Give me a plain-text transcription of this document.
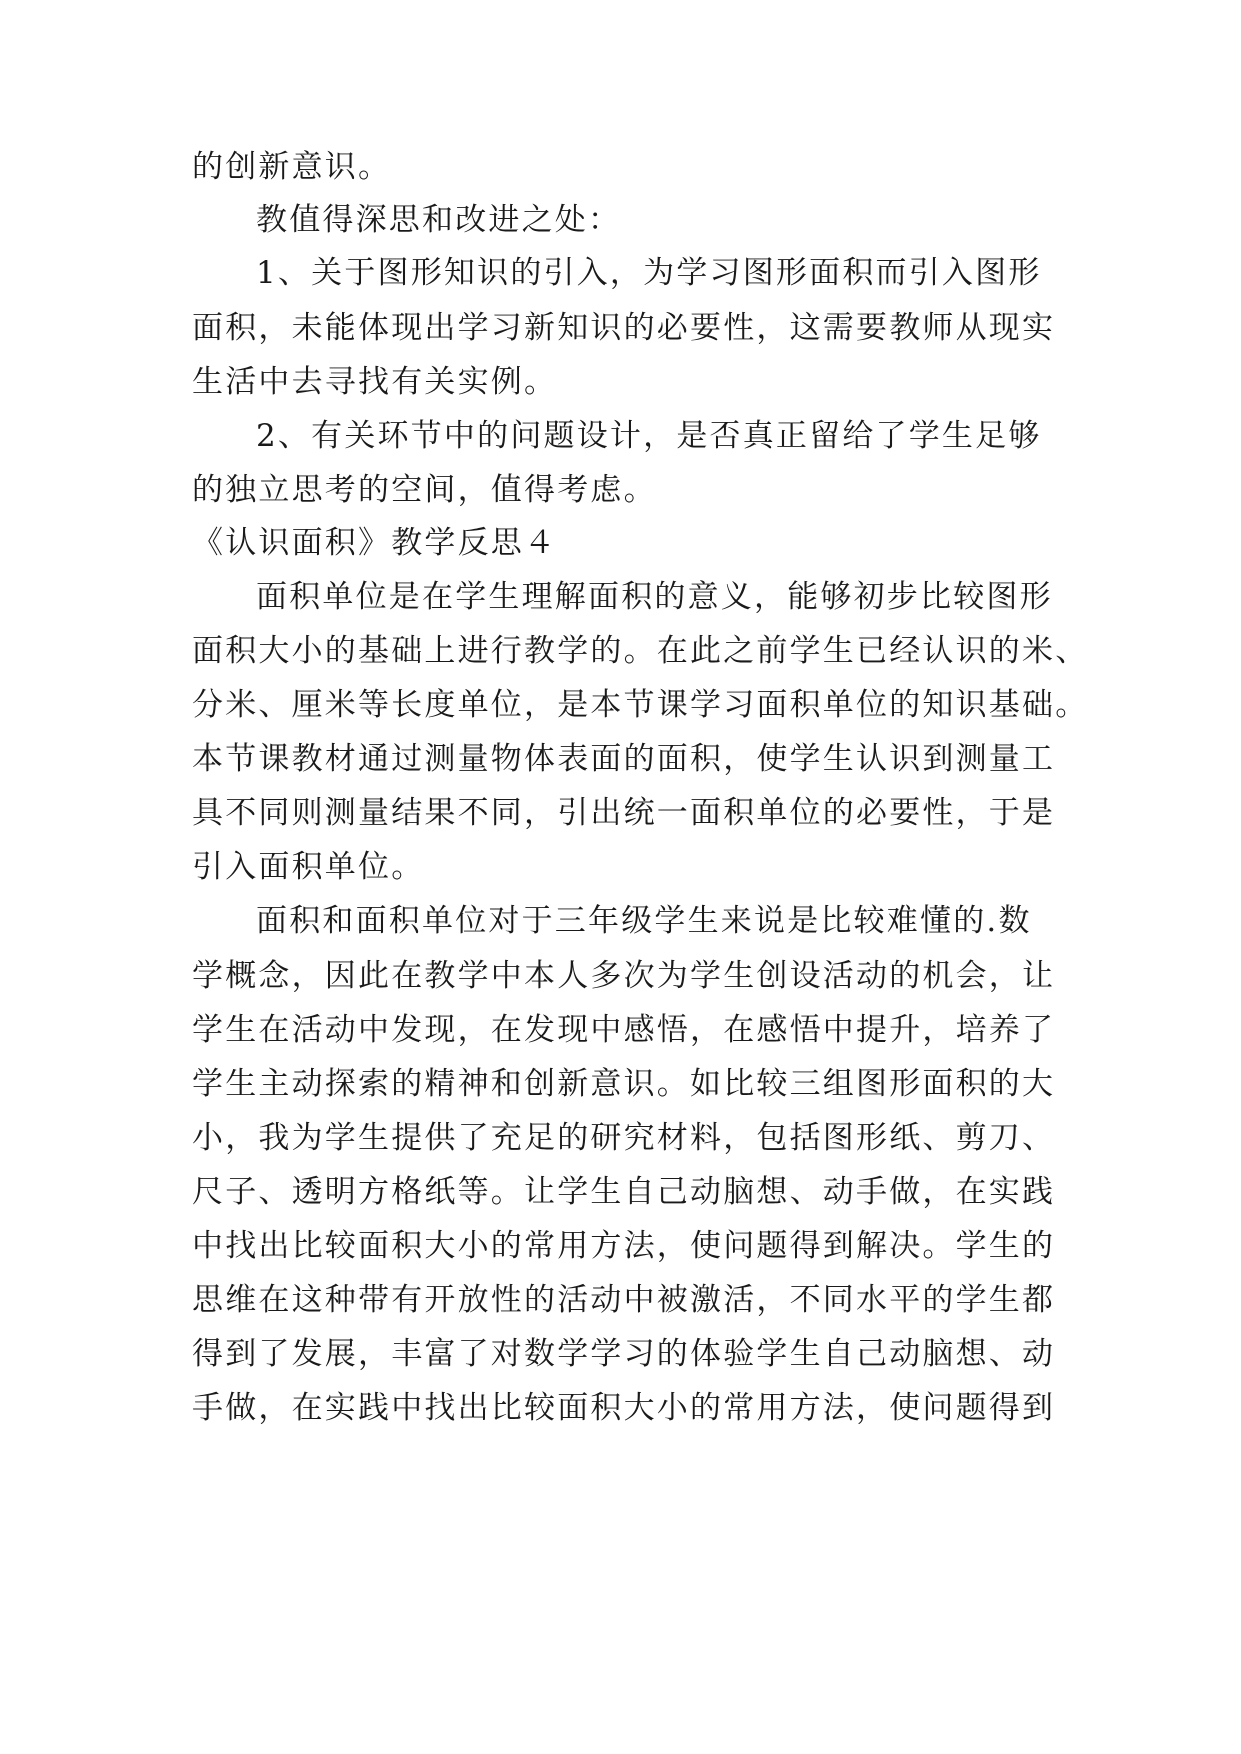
的创新意识。
教值得深思和改进之处：
1、关于图形知识的引入，为学习图形面积而引入图形
面积，未能体现出学习新知识的必要性，这需要教师从现实
生活中去寻找有关实例。
2、有关环节中的问题设计，是否真正留给了学生足够
的独立思考的空间，值得考虑。
《认识面积》教学反思４
面积单位是在学生理解面积的意义，能够初步比较图形
面积大小的基础上进行教学的。在此之前学生已经认识的米、
分米、厘米等长度单位，是本节课学习面积单位的知识基础。
本节课教材通过测量物体表面的面积，使学生认识到测量工
具不同则测量结果不同，引出统一面积单位的必要性，于是
引入面积单位。
面积和面积单位对于三年级学生来说是比较难懂的.数
学概念，因此在教学中本人多次为学生创设活动的机会，让
学生在活动中发现，在发现中感悟，在感悟中提升，培养了
学生主动探索的精神和创新意识。如比较三组图形面积的大
小，我为学生提供了充足的研究材料，包括图形纸、剪刀、
尺子、透明方格纸等。让学生自己动脑想、动手做，在实践
中找出比较面积大小的常用方法，使问题得到解决。学生的
思维在这种带有开放性的活动中被激活，不同水平的学生都
得到了发展，丰富了对数学学习的体验学生自己动脑想、动
手做，在实践中找出比较面积大小的常用方法，使问题得到
